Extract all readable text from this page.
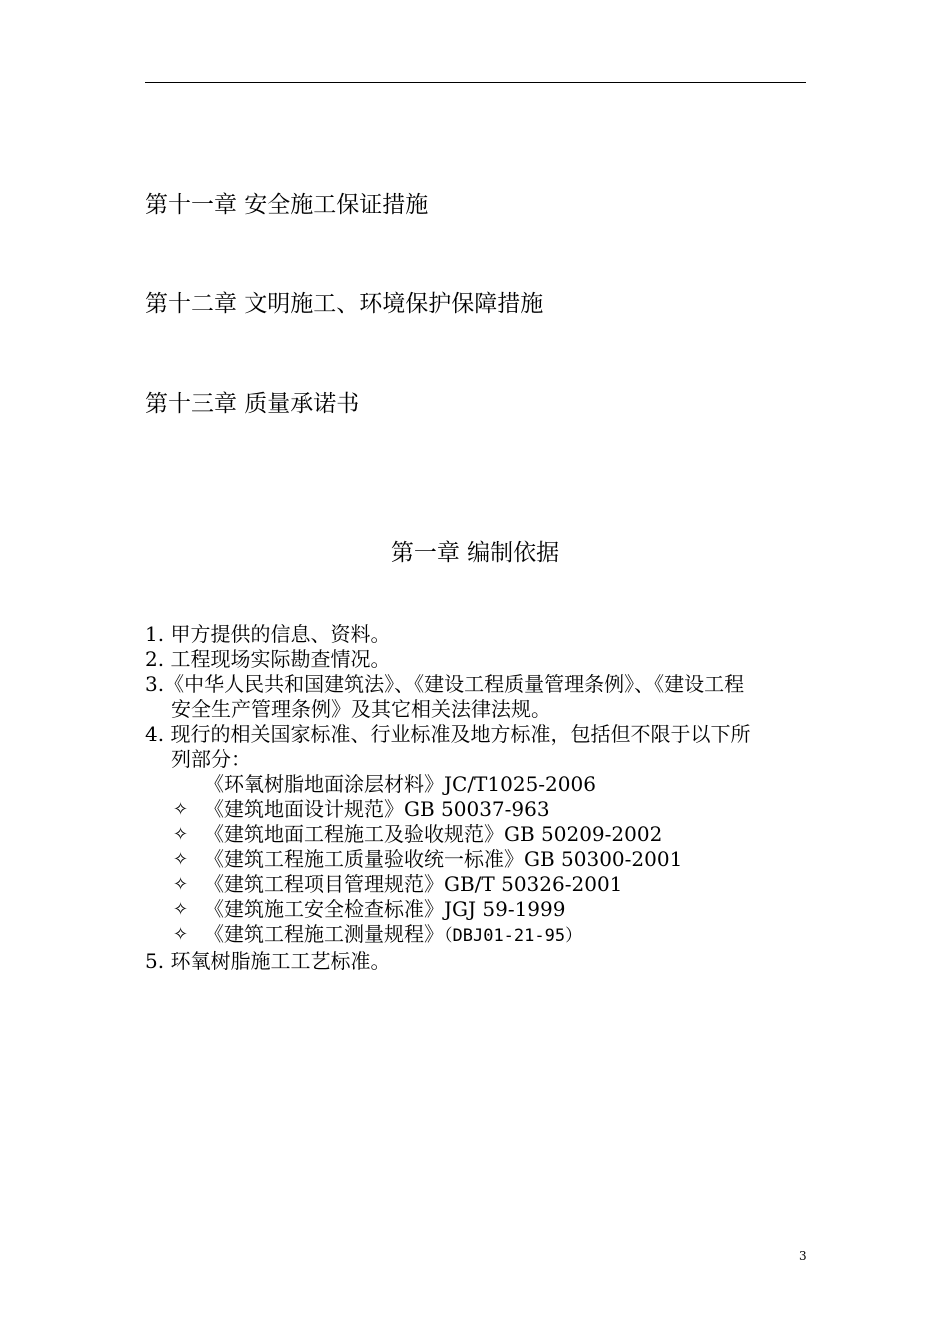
第十一章 安全施工保证措施
第十二章 文明施工、环境保护保障措施
第十三章 质量承诺书
第一章 编制依据
1. 甲方提供的信息、资料。
2. 工程现场实际勘查情况。
3.《中华人民共和国建筑法》、《建设工程质量管理条例》、《建设工程
安全生产管理条例》及其它相关法律法规。
4. 现行的相关国家标准、行业标准及地方标准，包括但不限于以下所
列部分：
《环氧树脂地面涂层材料》JC/T1025-2006
✧ 《建筑地面设计规范》GB 50037-963
✧ 《建筑地面工程施工及验收规范》GB 50209-2002
✧ 《建筑工程施工质量验收统一标准》GB 50300-2001
✧ 《建筑工程项目管理规范》GB/T 50326-2001
✧ 《建筑施工安全检查标准》JGJ 59-1999
✧ 《建筑工程施工测量规程》（DBJ01-21-95）
5. 环氧树脂施工工艺标准。
3
